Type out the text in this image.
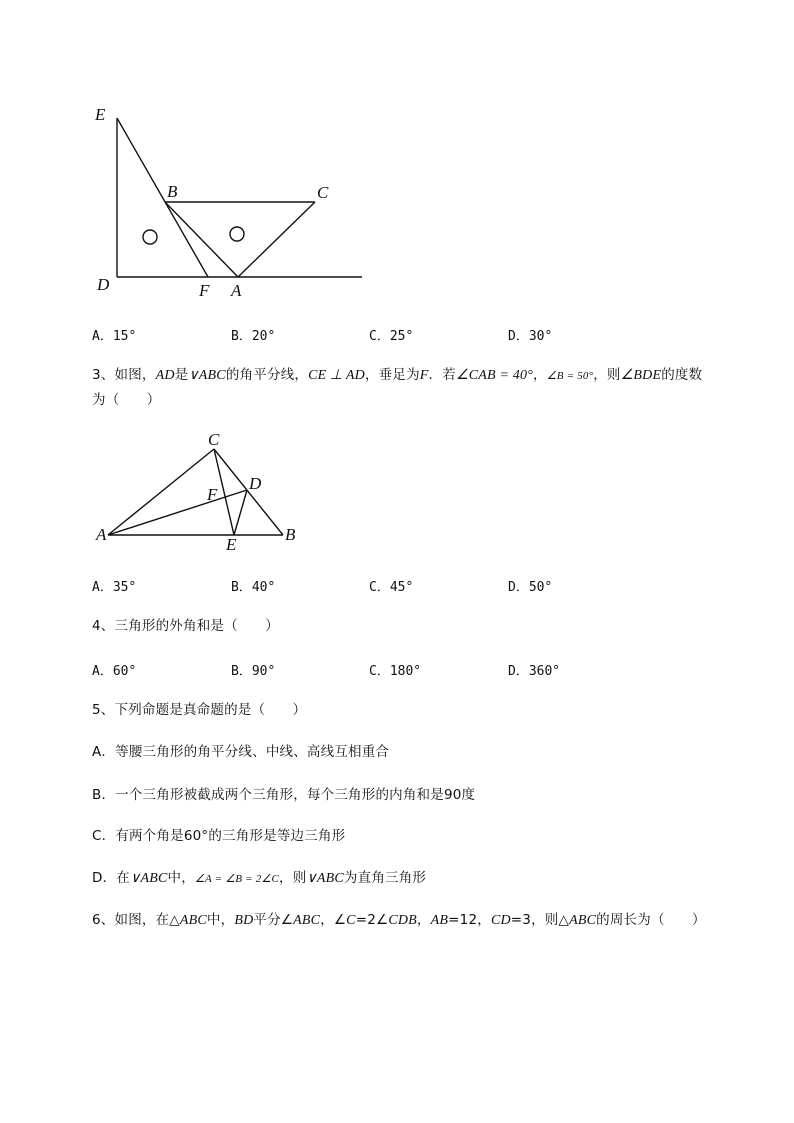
E
B	C
D	F A
A．15°	B．20°	C．25°	D．30°
3、如图，AD是∨ABC的角平分线，CE ⊥ AD，垂足为F．若∠CAB = 40°，∠B = 50°，则∠BDE的度数
为（　　）
C
D
F
A
E
B
A．35°	B．40°	C．45°	D．50°
4、三角形的外角和是（　　）
A．60°	B．90°	C．180°	D．360°
5、下列命题是真命题的是（　　）
A．等腰三角形的角平分线、中线、高线互相重合
B．一个三角形被截成两个三角形，每个三角形的内角和是90度
C．有两个角是60°的三角形是等边三角形
D．在∨ABC中，∠A = ∠B = 2∠C，则∨ABC为直角三角形
6、如图，在△ABC中，BD平分∠ABC，∠C=2∠CDB，AB=12，CD=3，则△ABC的周长为（　　）
